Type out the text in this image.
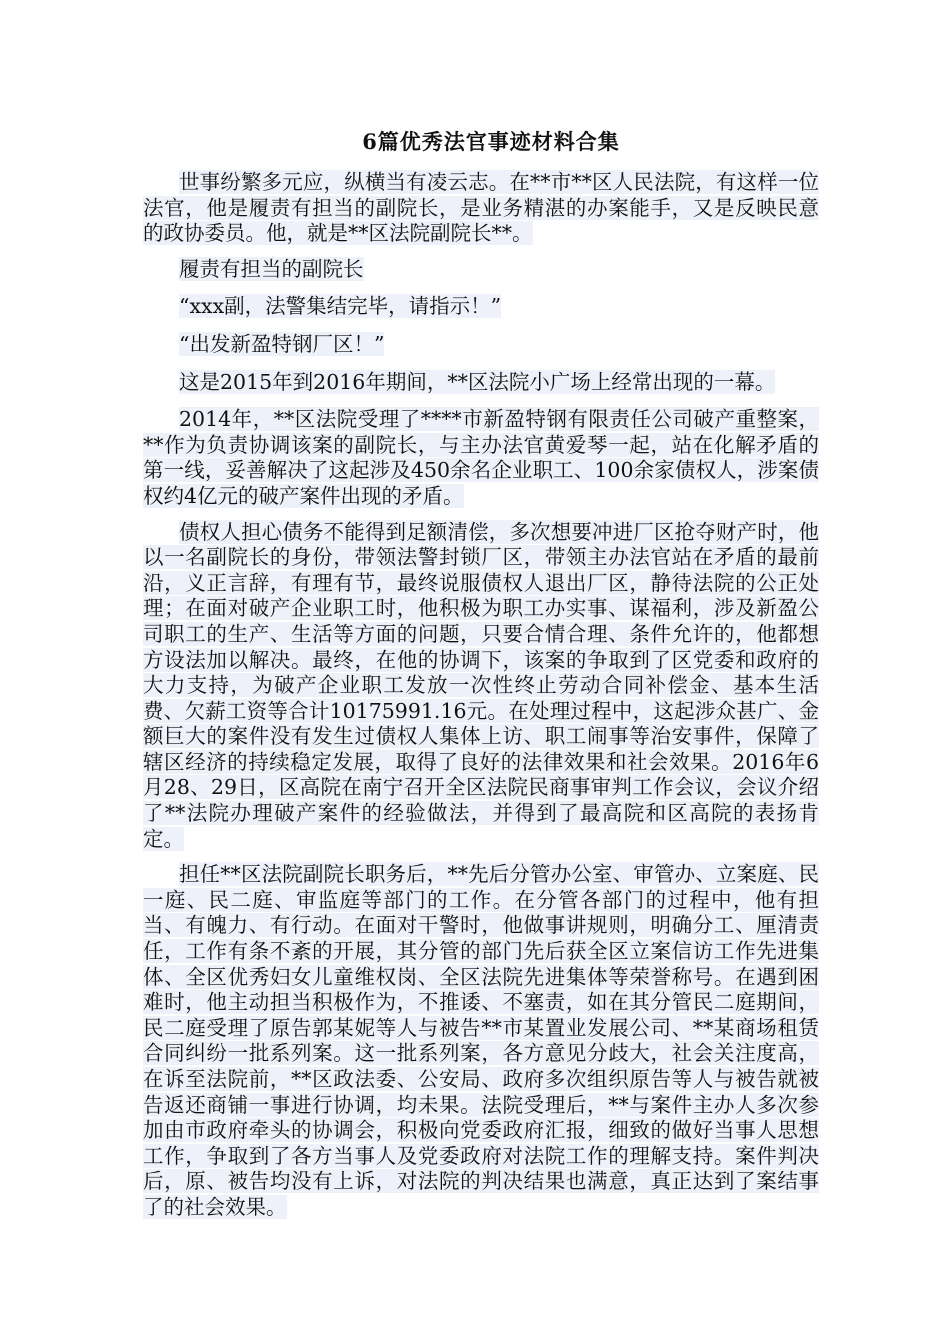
6篇优秀法官事迹材料合集

世事纷繁多元应，纵横当有凌云志。在**市**区人民法院，有这样一位法官，他是履责有担当的副院长，是业务精湛的办案能手，又是反映民意的政协委员。他，就是**区法院副院长**。

履责有担当的副院长

“xxx副，法警集结完毕，请指示！”

“出发新盈特钢厂区！”

这是2015年到2016年期间，**区法院小广场上经常出现的一幕。

2014年，**区法院受理了****市新盈特钢有限责任公司破产重整案，**作为负责协调该案的副院长，与主办法官黄爱琴一起，站在化解矛盾的第一线，妥善解决了这起涉及450余名企业职工、100余家债权人，涉案债权约4亿元的破产案件出现的矛盾。

债权人担心债务不能得到足额清偿，多次想要冲进厂区抢夺财产时，他以一名副院长的身份，带领法警封锁厂区，带领主办法官站在矛盾的最前沿，义正言辞，有理有节，最终说服债权人退出厂区，静待法院的公正处理；在面对破产企业职工时，他积极为职工办实事、谋福利，涉及新盈公司职工的生产、生活等方面的问题，只要合情合理、条件允许的，他都想方设法加以解决。最终，在他的协调下，该案的争取到了区党委和政府的大力支持，为破产企业职工发放一次性终止劳动合同补偿金、基本生活费、欠薪工资等合计10175991.16元。在处理过程中，这起涉众甚广、金额巨大的案件没有发生过债权人集体上访、职工闹事等治安事件，保障了辖区经济的持续稳定发展，取得了良好的法律效果和社会效果。2016年6月28、29日，区高院在南宁召开全区法院民商事审判工作会议，会议介绍了**法院办理破产案件的经验做法，并得到了最高院和区高院的表扬肯定。

担任**区法院副院长职务后，**先后分管办公室、审管办、立案庭、民一庭、民二庭、审监庭等部门的工作。在分管各部门的过程中，他有担当、有魄力、有行动。在面对干警时，他做事讲规则，明确分工、厘清责任，工作有条不紊的开展，其分管的部门先后获全区立案信访工作先进集体、全区优秀妇女儿童维权岗、全区法院先进集体等荣誉称号。在遇到困难时，他主动担当积极作为，不推诿、不塞责，如在其分管民二庭期间，民二庭受理了原告郭某妮等人与被告**市某置业发展公司、**某商场租赁合同纠纷一批系列案。这一批系列案，各方意见分歧大，社会关注度高，在诉至法院前，**区政法委、公安局、政府多次组织原告等人与被告就被告返还商铺一事进行协调，均未果。法院受理后，**与案件主办人多次参加由市政府牵头的协调会，积极向党委政府汇报，细致的做好当事人思想工作，争取到了各方当事人及党委政府对法院工作的理解支持。案件判决后，原、被告均没有上诉，对法院的判决结果也满意，真正达到了案结事了的社会效果。
